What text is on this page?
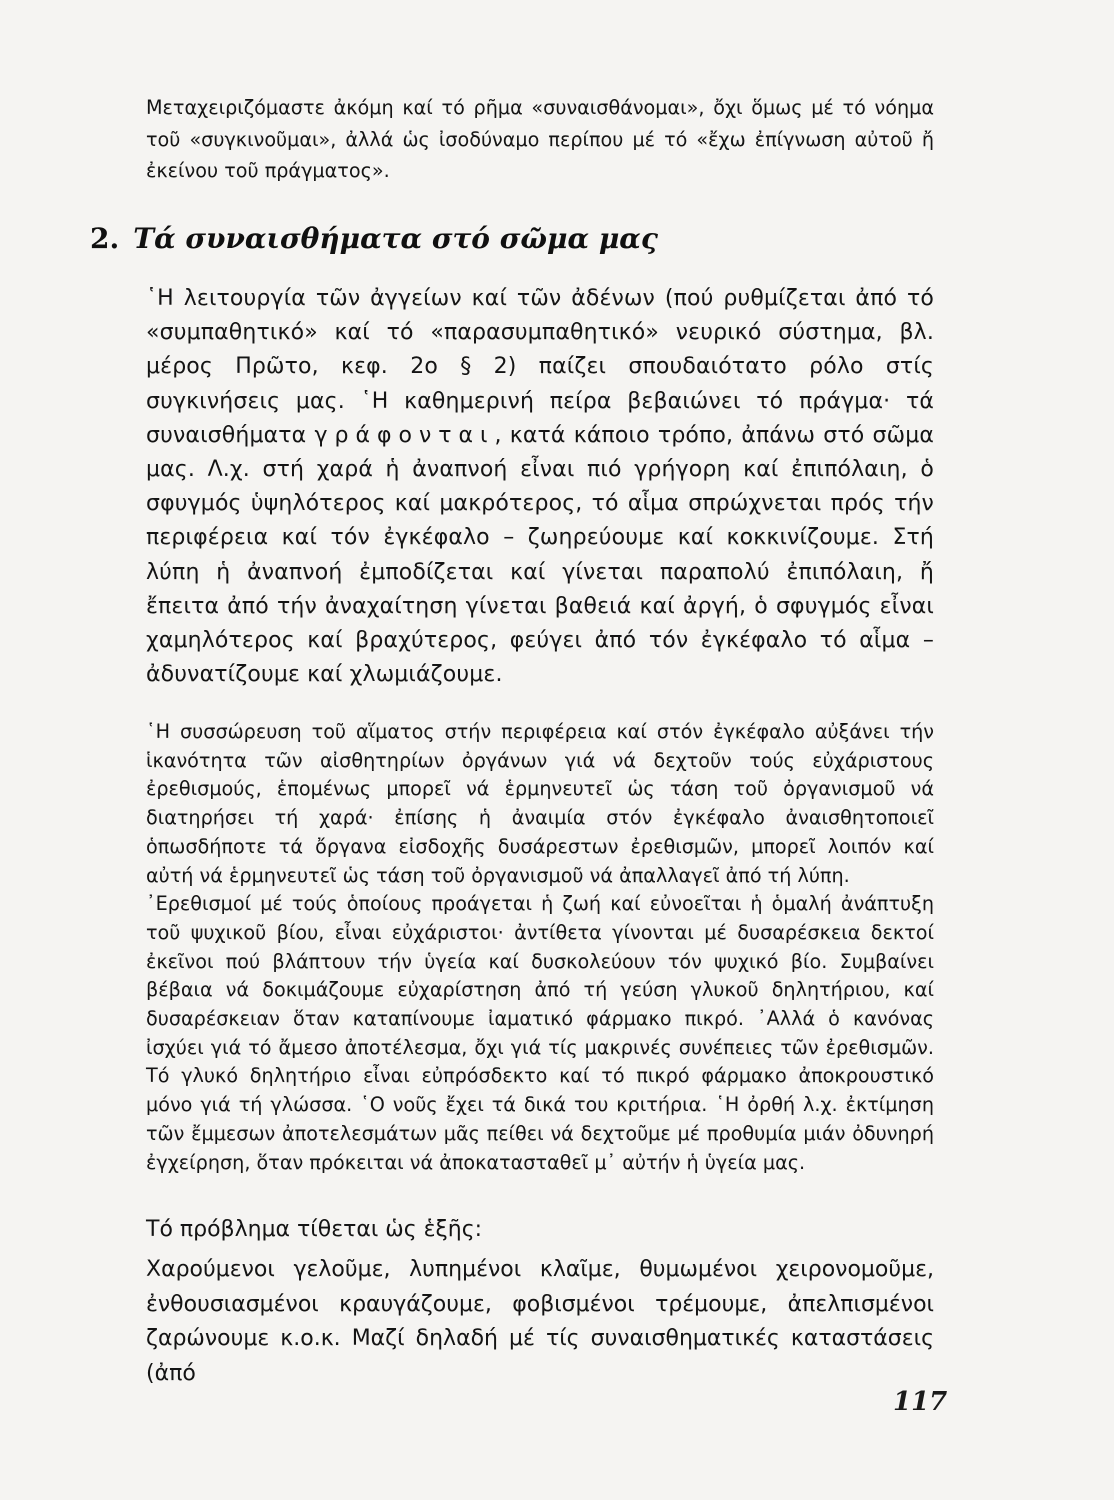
Μεταχειριζόμαστε ἀκόμη καί τό ρῆμα «συναισθάνομαι», ὄχι ὅμως μέ τό νόημα τοῦ «συγκινοῦμαι», ἀλλά ὡς ἰσοδύναμο περίπου μέ τό «ἔχω ἐπίγνωση αὐτοῦ ἤ ἐκείνου τοῦ πράγματος».

2. Τά συναισθήματα στό σῶμα μας

῾Η λειτουργία τῶν ἀγγείων καί τῶν ἀδένων (πού ρυθμίζεται ἀπό τό «συμπαθητικό» καί τό «παρασυμπαθητικό» νευρικό σύστημα, βλ. μέρος Πρῶτο, κεφ. 2ο § 2) παίζει σπουδαιότατο ρόλο στίς συγκινήσεις μας. ῾Η καθημερινή πείρα βεβαιώνει τό πράγμα· τά συναισθήματα γράφονται, κατά κάποιο τρόπο, ἀπάνω στό σῶμα μας. Λ.χ. στή χαρά ἡ ἀναπνοή εἶναι πιό γρήγορη καί ἐπιπόλαιη, ὁ σφυγμός ὑψηλότερος καί μακρότερος, τό αἷμα σπρώχνεται πρός τήν περιφέρεια καί τόν ἐγκέφαλο – ζωηρεύουμε καί κοκκινίζουμε. Στή λύπη ἡ ἀναπνοή ἐμποδίζεται καί γίνεται παραπολύ ἐπιπόλαιη, ἤ ἔπειτα ἀπό τήν ἀναχαίτηση γίνεται βαθειά καί ἀργή, ὁ σφυγμός εἶναι χαμηλότερος καί βραχύτερος, φεύγει ἀπό τόν ἐγκέφαλο τό αἷμα – ἀδυνατίζουμε καί χλωμιάζουμε.

῾Η συσσώρευση τοῦ αἵματος στήν περιφέρεια καί στόν ἐγκέφαλο αὐξάνει τήν ἱκανότητα τῶν αἰσθητηρίων ὀργάνων γιά νά δεχτοῦν τούς εὐχάριστους ἐρεθισμούς, ἑπομένως μπορεῖ νά ἑρμηνευτεῖ ὡς τάση τοῦ ὀργανισμοῦ νά διατηρήσει τή χαρά· ἐπίσης ἡ ἀναιμία στόν ἐγκέφαλο ἀναισθητοποιεῖ ὁπωσδήποτε τά ὄργανα εἰσδοχῆς δυσάρεστων ἐρεθισμῶν, μπορεῖ λοιπόν καί αὐτή νά ἑρμηνευτεῖ ὡς τάση τοῦ ὀργανισμοῦ νά ἀπαλλαγεῖ ἀπό τή λύπη.

᾿Ερεθισμοί μέ τούς ὁποίους προάγεται ἡ ζωή καί εὐνοεῖται ἡ ὁμαλή ἀνάπτυξη τοῦ ψυχικοῦ βίου, εἶναι εὐχάριστοι· ἀντίθετα γίνονται μέ δυσαρέσκεια δεκτοί ἐκεῖνοι πού βλάπτουν τήν ὑγεία καί δυσκολεύουν τόν ψυχικό βίο. Συμβαίνει βέβαια νά δοκιμάζουμε εὐχαρίστηση ἀπό τή γεύση γλυκοῦ δηλητήριου, καί δυσαρέσκειαν ὅταν καταπίνουμε ἰαματικό φάρμακο πικρό. ᾿Αλλά ὁ κανόνας ἰσχύει γιά τό ἄμεσο ἀποτέλεσμα, ὄχι γιά τίς μακρινές συνέπειες τῶν ἐρεθισμῶν. Τό γλυκό δηλητήριο εἶναι εὐπρόσδεκτο καί τό πικρό φάρμακο ἀποκρουστικό μόνο γιά τή γλώσσα. ῾Ο νοῦς ἔχει τά δικά του κριτήρια. ῾Η ὀρθή λ.χ. ἐκτίμηση τῶν ἔμμεσων ἀποτελεσμάτων μᾶς πείθει νά δεχτοῦμε μέ προθυμία μιάν ὀδυνηρή ἐγχείρηση, ὅταν πρόκειται νά ἀποκατασταθεῖ μ᾿ αὐτήν ἡ ὑγεία μας.

Τό πρόβλημα τίθεται ὡς ἑξῆς:

Χαρούμενοι γελοῦμε, λυπημένοι κλαῖμε, θυμωμένοι χειρονομοῦμε, ἐνθουσιασμένοι κραυγάζουμε, φοβισμένοι τρέμουμε, ἀπελπισμένοι ζαρώνουμε κ.ο.κ. Μαζί δηλαδή μέ τίς συναισθηματικές καταστάσεις (ἀπό

117
